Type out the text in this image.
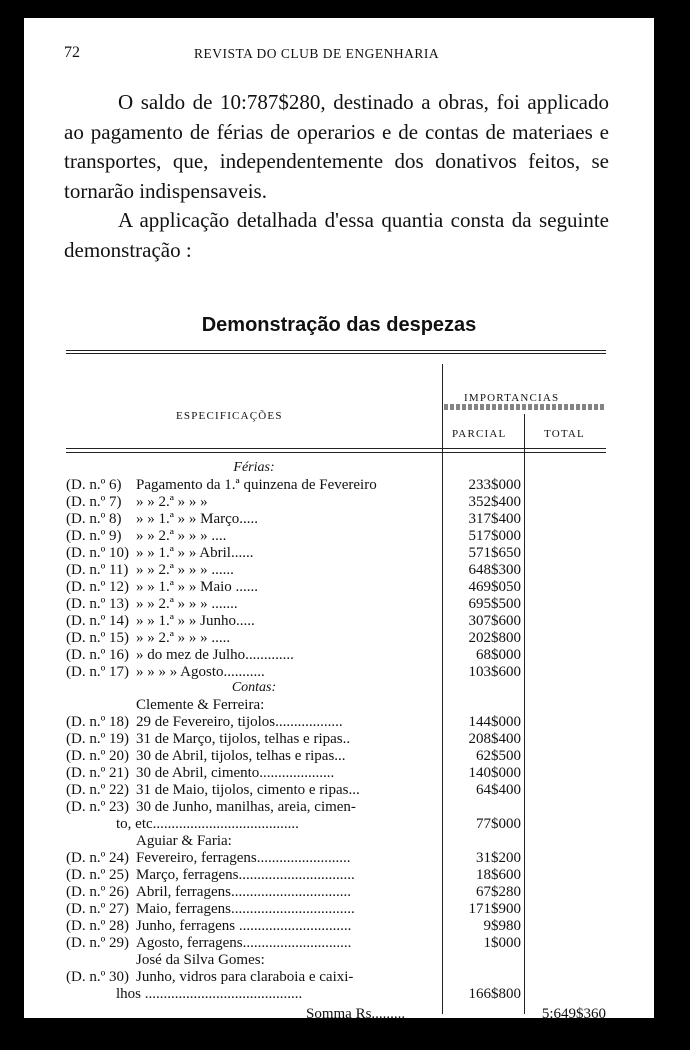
72	REVISTA DO CLUB DE ENGENHARIA

O saldo de 10:787$280, destinado a obras, foi applicado ao pagamento de férias de operarios e de contas de materiaes e transportes, que, independentemente dos donativos feitos, se tornarão indispensaveis.

A applicação detalhada d'essa quantia consta da seguinte demonstração :

Demonstraçã̃o das despezas
ESPECIFICAÇÕES
IMPORTANCIAS
PARCIAL	TOTAL
Férias:
(D. n.º 6) Pagamento da 1.ª quinzena de Fevereiro	233$000
(D. n.º 7) » » 2.ª » » »	352$400
(D. n.º 8) » » 1.ª » » Março.....	317$400
(D. n.º 9) » » 2.ª » » » ....	517$000
(D. n.º 10) » » 1.ª » » Abril......	571$650
(D. n.º 11) » » 2.ª » » » ......	648$300
(D. n.º 12) » » 1.ª » » Maio ......	469$050
(D. n.º 13) » » 2.ª » » » .......	695$500
(D. n.º 14) » » 1.ª » » Junho.....	307$600
(D. n.º 15) » » 2.ª » » » .....	202$800
(D. n.º 16) » do mez de Julho.............	68$000
(D. n.º 17) » » » » Agosto...........	103$600
Contas:
Clemente & Ferreira:
(D. n.º 18) 29 de Fevereiro, tijolos..................	144$000
(D. n.º 19) 31 de Março, tijolos, telhas e ripas..	208$400
(D. n.º 20) 30 de Abril, tijolos, telhas e ripas...	62$500
(D. n.º 21) 30 de Abril, cimento....................	140$000
(D. n.º 22) 31 de Maio, tijolos, cimento e ripas...	64$400
(D. n.º 23) 30 de Junho, manilhas, areia, cimen-
to, etc.......................................	77$000
Aguiar & Faria:
(D. n.º 24) Fevereiro, ferragens.........................	31$200
(D. n.º 25) Março, ferragens...............................	18$600
(D. n.º 26) Abril, ferragens................................	67$280
(D. n.º 27) Maio, ferragens.................................	171$900
(D. n.º 28) Junho, ferragens ..............................	9$980
(D. n.º 29) Agosto, ferragens.............................	1$000
José da Silva Gomes:
(D. n.º 30) Junho, vidros para claraboia e caixi-
lhos ..........................................	166$800
Somma Rs.........	5:649$360
